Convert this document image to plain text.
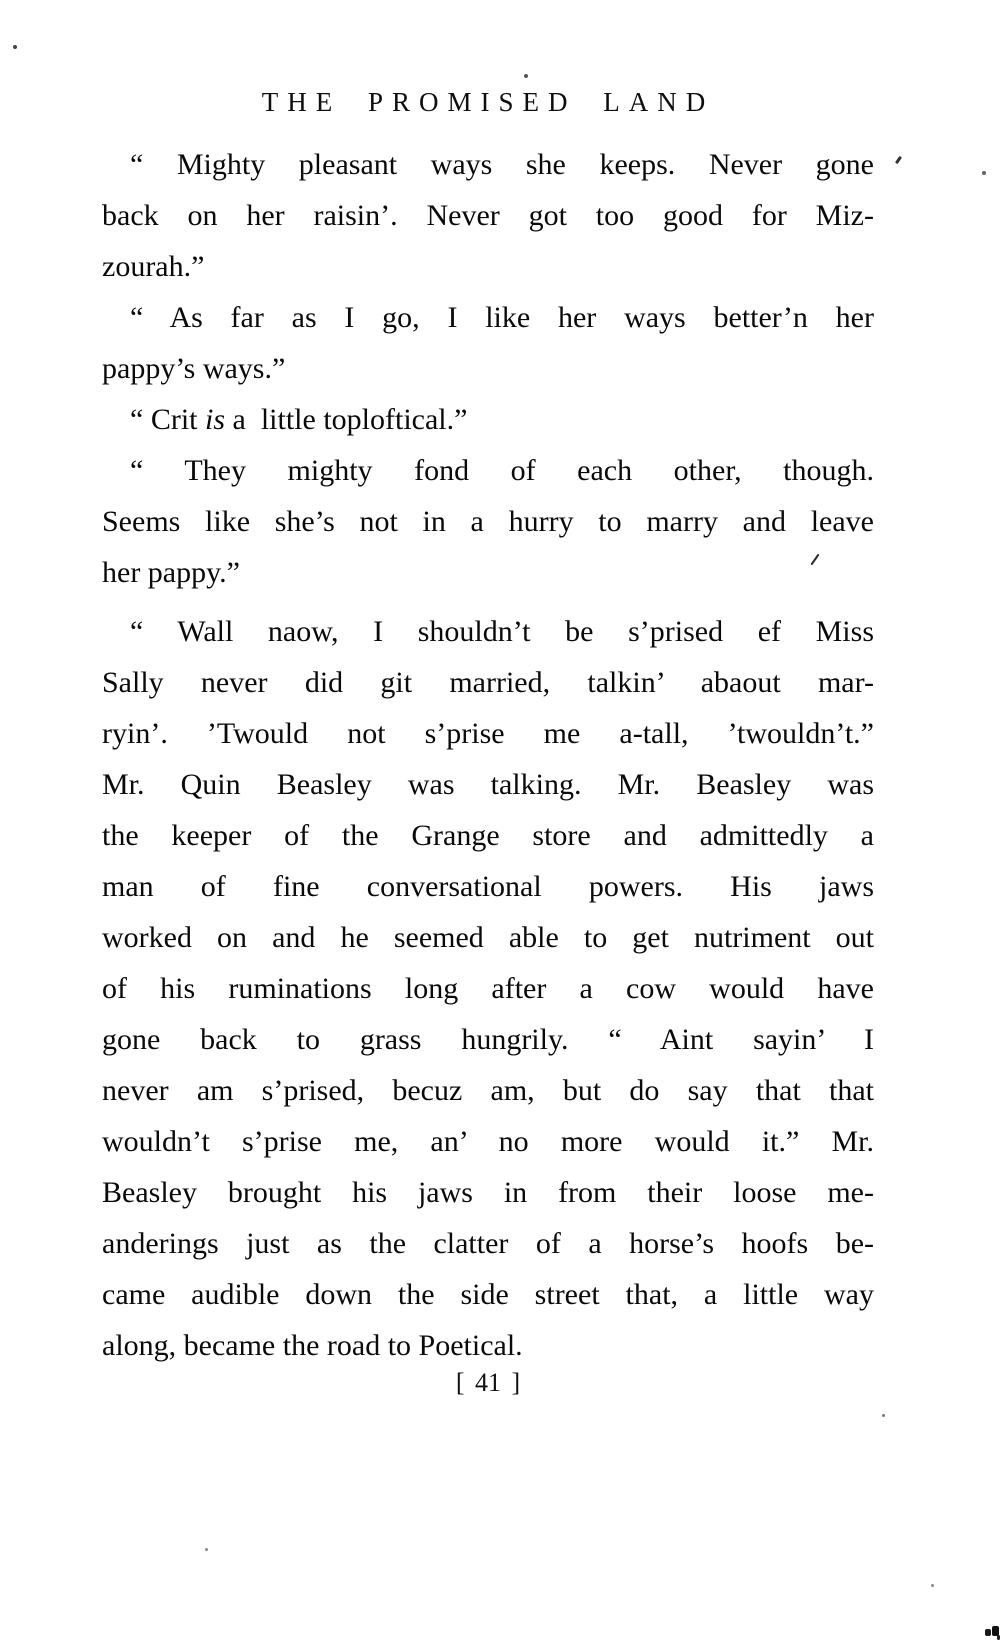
THE PROMISED LAND
“ Mighty pleasant ways she keeps. Never gone
back on her raisin’. Never got too good for Miz-
zourah.”
“ As far as I go, I like her ways better’n her
pappy’s ways.”
“ Crit is a  little toploftical.”
“ They mighty fond of each other, though.
Seems like she’s not in a hurry to marry and leave
her pappy.”
“ Wall naow, I shouldn’t be s’prised ef Miss
Sally never did git married, talkin’ abaout mar-
ryin’. ’Twould not s’prise me a-tall, ’twouldn’t.”
Mr. Quin Beasley was talking. Mr. Beasley was
the keeper of the Grange store and admittedly a
man of fine conversational powers. His jaws
worked on and he seemed able to get nutriment out
of his ruminations long after a cow would have
gone back to grass hungrily. “ Aint sayin’ I
never am s’prised, becuz am, but do say that that
wouldn’t s’prise me, an’ no more would it.” Mr.
Beasley brought his jaws in from their loose me-
anderings just as the clatter of a horse’s hoofs be-
came audible down the side street that, a little way
along, became the road to Poetical.
[ 41 ]
